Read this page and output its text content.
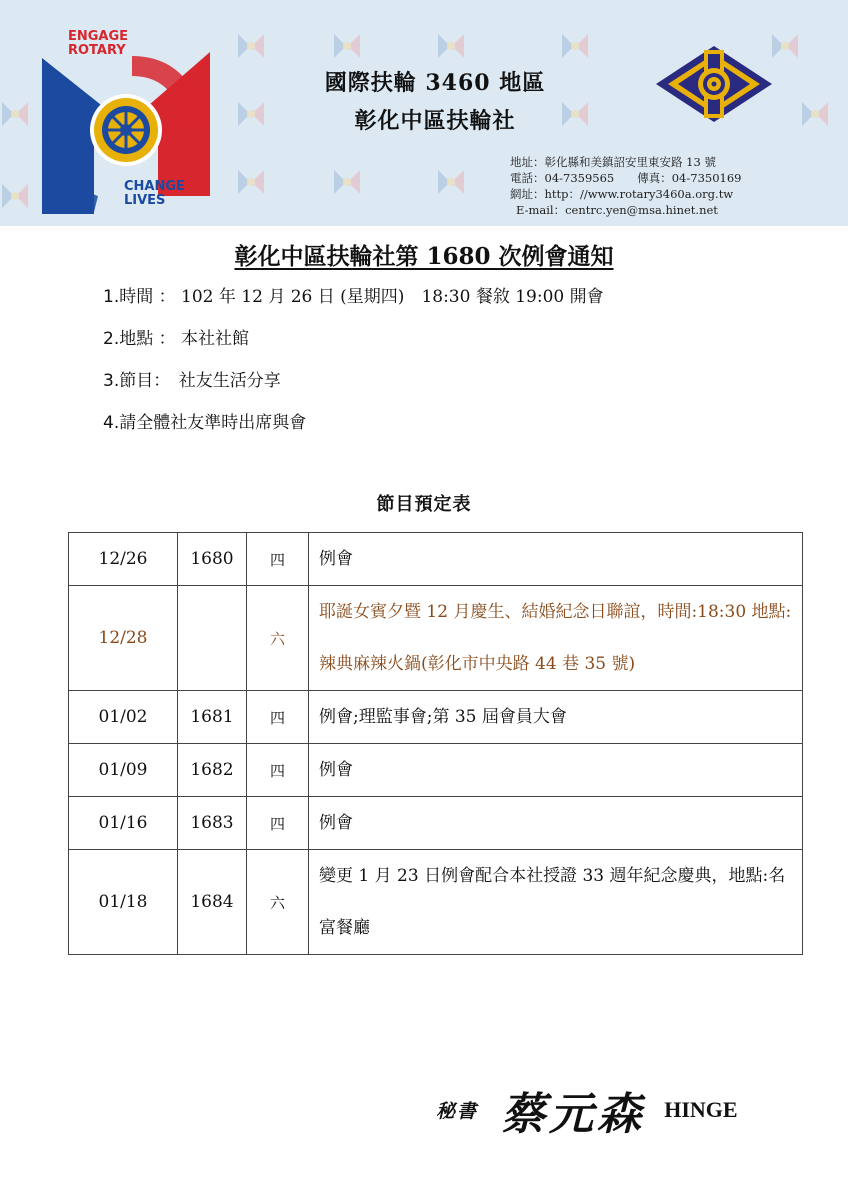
ENGAGE
ROTARY
CHANGE
LIVES
國際扶輪 3460 地區
彰化中區扶輪社
地址：彰化縣和美鎮詔安里東安路 13 號
電話：04-7359565　　傳真：04-7350169
網址：http：//www.rotary3460a.org.tw
E-mail：centrc.yen@msa.hinet.net
彰化中區扶輪社第 1680 次例會通知
1.時間 ： 102 年 12 月 26 日 (星期四)　18:30 餐敘 19:00 開會
2.地點 ： 本社社館
3.節目：　社友生活分享
4.請全體社友準時出席與會
節目預定表
12/26	1680	四	例會
12/28		六	耶誕女賓夕暨 12 月慶生、結婚紀念日聯誼，時間:18:30 地點:辣典麻辣火鍋(彰化市中央路 44 巷 35 號)
01/02	1681	四	例會;理監事會;第 35 屆會員大會
01/09	1682	四	例會
01/16	1683	四	例會
01/18	1684	六	變更 1 月 23 日例會配合本社授證 33 週年紀念慶典，地點:名富餐廳
秘書 蔡元森 HINGE
